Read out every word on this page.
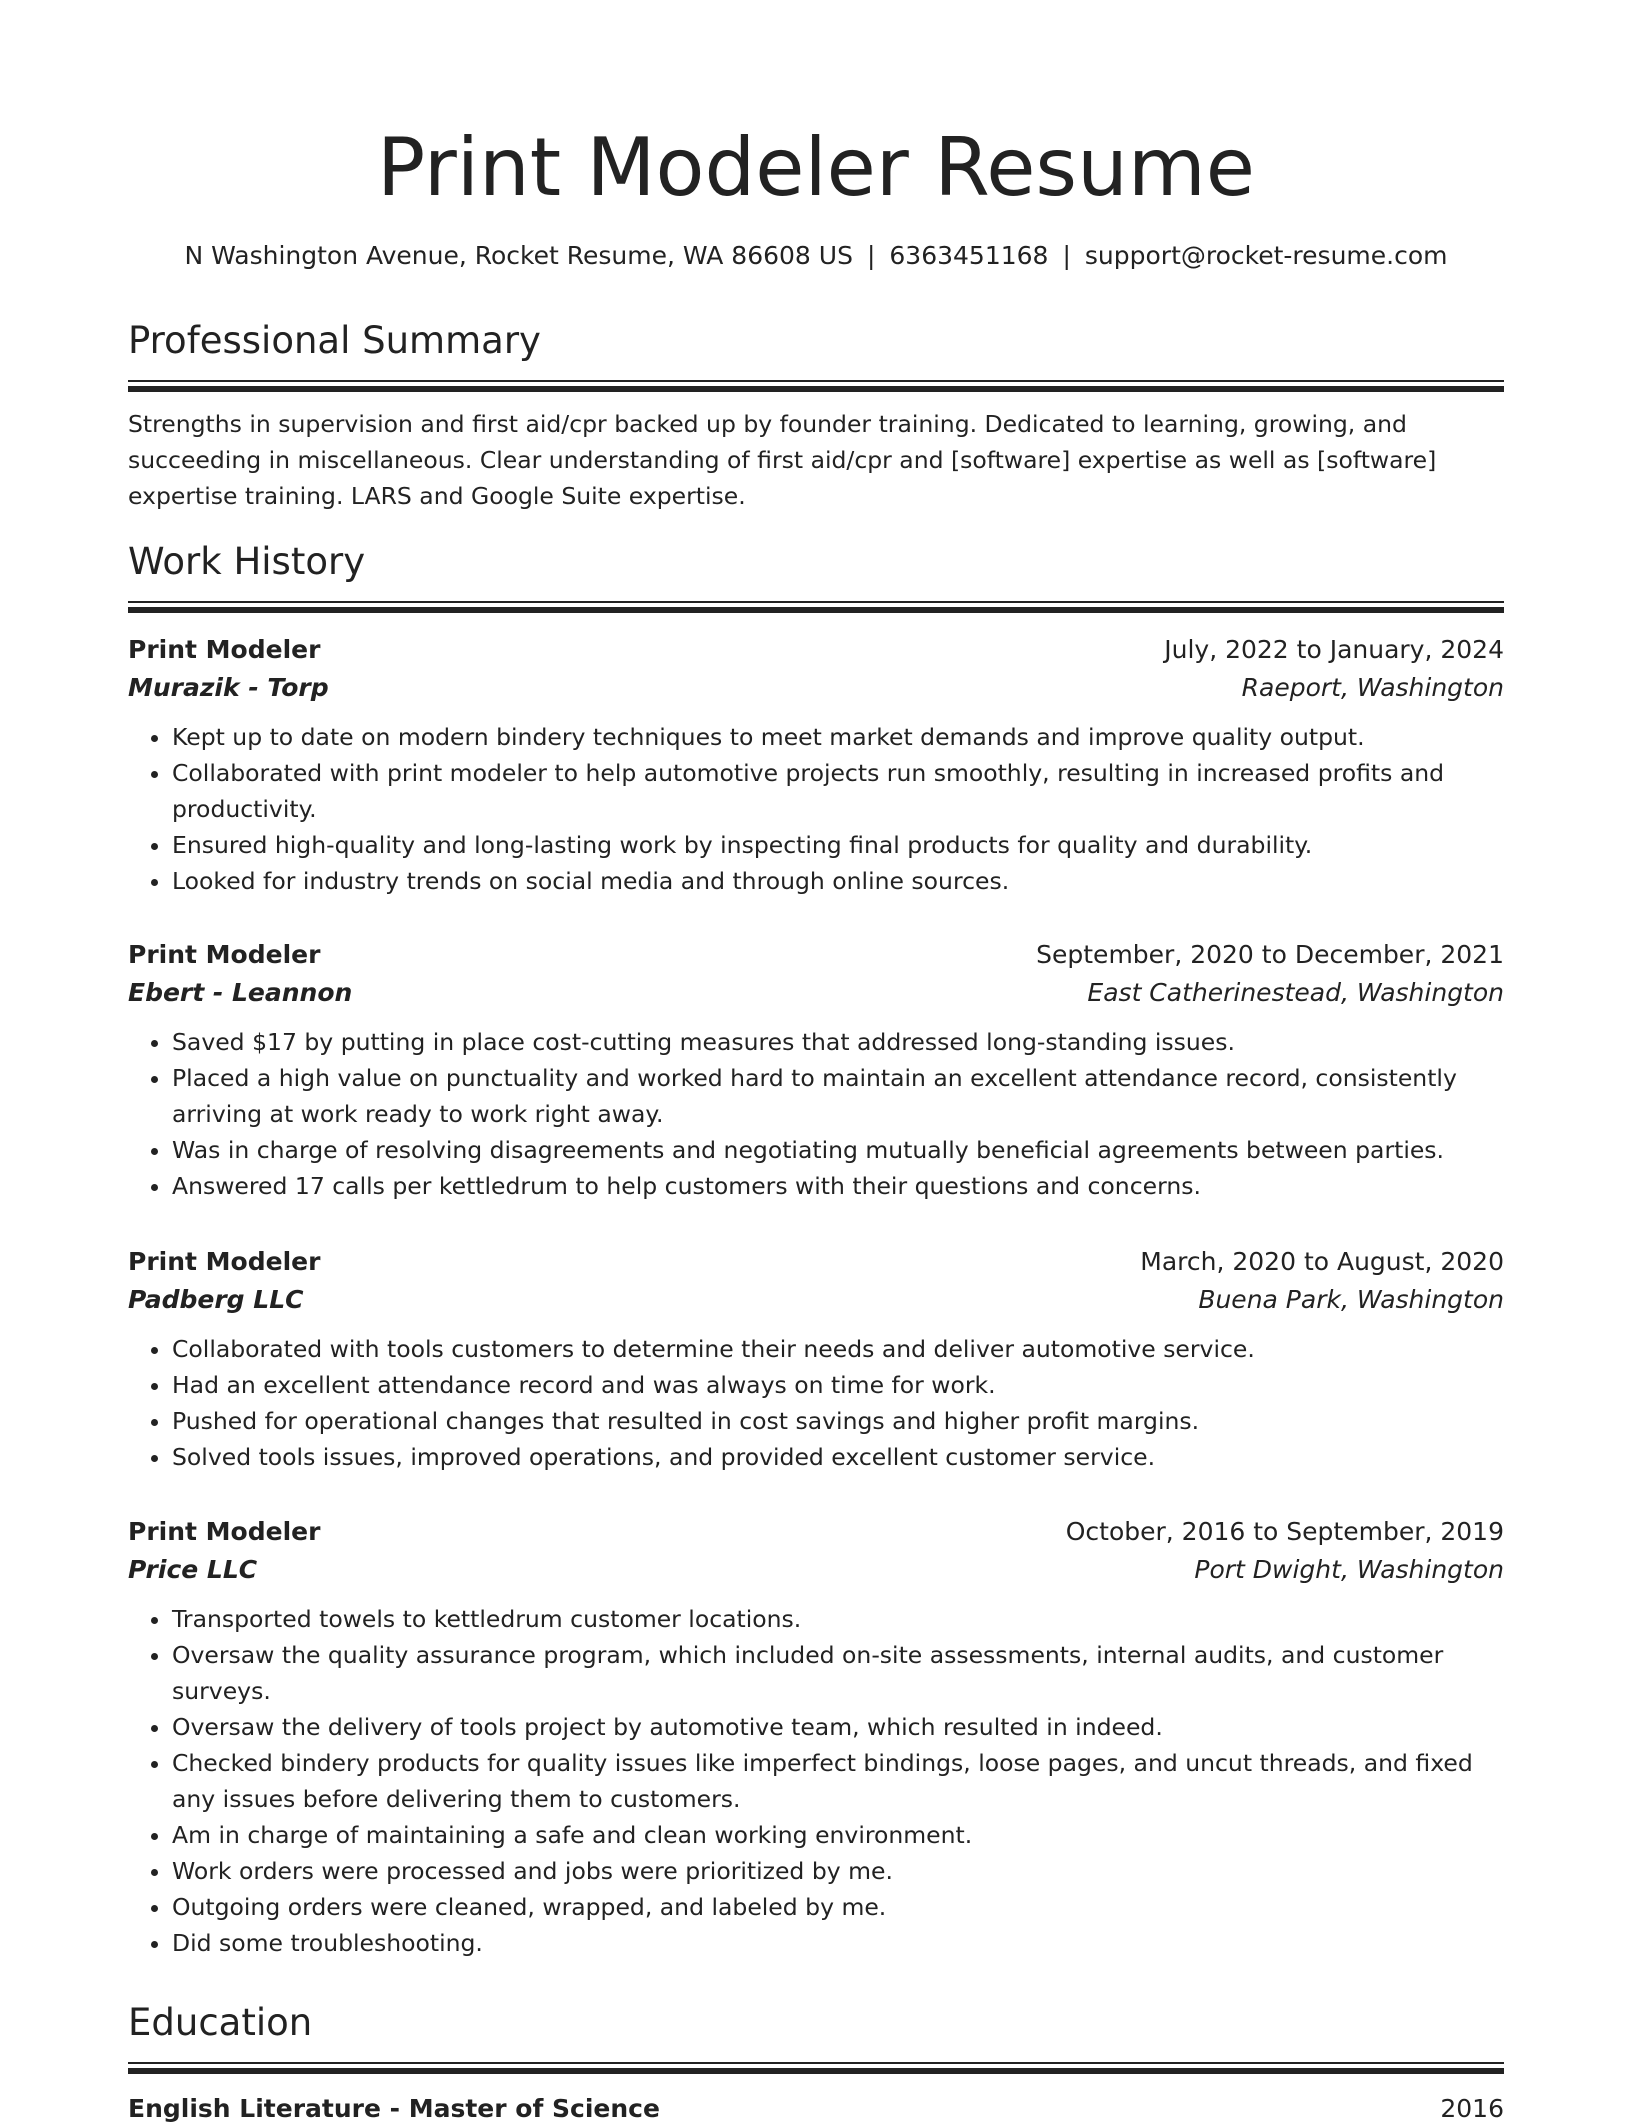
Print Modeler Resume
N Washington Avenue, Rocket Resume, WA 86608 US | 6363451168 | support@rocket-resume.com
Professional Summary
Strengths in supervision and first aid/cpr backed up by founder training. Dedicated to learning, growing, and succeeding in miscellaneous. Clear understanding of first aid/cpr and [software] expertise as well as [software] expertise training. LARS and Google Suite expertise.
Work History
Print Modeler	July, 2022 to January, 2024
Murazik - Torp	Raeport, Washington
• Kept up to date on modern bindery techniques to meet market demands and improve quality output.
• Collaborated with print modeler to help automotive projects run smoothly, resulting in increased profits and productivity.
• Ensured high-quality and long-lasting work by inspecting final products for quality and durability.
• Looked for industry trends on social media and through online sources.
Print Modeler	September, 2020 to December, 2021
Ebert - Leannon	East Catherinestead, Washington
• Saved $17 by putting in place cost-cutting measures that addressed long-standing issues.
• Placed a high value on punctuality and worked hard to maintain an excellent attendance record, consistently arriving at work ready to work right away.
• Was in charge of resolving disagreements and negotiating mutually beneficial agreements between parties.
• Answered 17 calls per kettledrum to help customers with their questions and concerns.
Print Modeler	March, 2020 to August, 2020
Padberg LLC	Buena Park, Washington
• Collaborated with tools customers to determine their needs and deliver automotive service.
• Had an excellent attendance record and was always on time for work.
• Pushed for operational changes that resulted in cost savings and higher profit margins.
• Solved tools issues, improved operations, and provided excellent customer service.
Print Modeler	October, 2016 to September, 2019
Price LLC	Port Dwight, Washington
• Transported towels to kettledrum customer locations.
• Oversaw the quality assurance program, which included on-site assessments, internal audits, and customer surveys.
• Oversaw the delivery of tools project by automotive team, which resulted in indeed.
• Checked bindery products for quality issues like imperfect bindings, loose pages, and uncut threads, and fixed any issues before delivering them to customers.
• Am in charge of maintaining a safe and clean working environment.
• Work orders were processed and jobs were prioritized by me.
• Outgoing orders were cleaned, wrapped, and labeled by me.
• Did some troubleshooting.
Education
English Literature - Master of Science	2016
